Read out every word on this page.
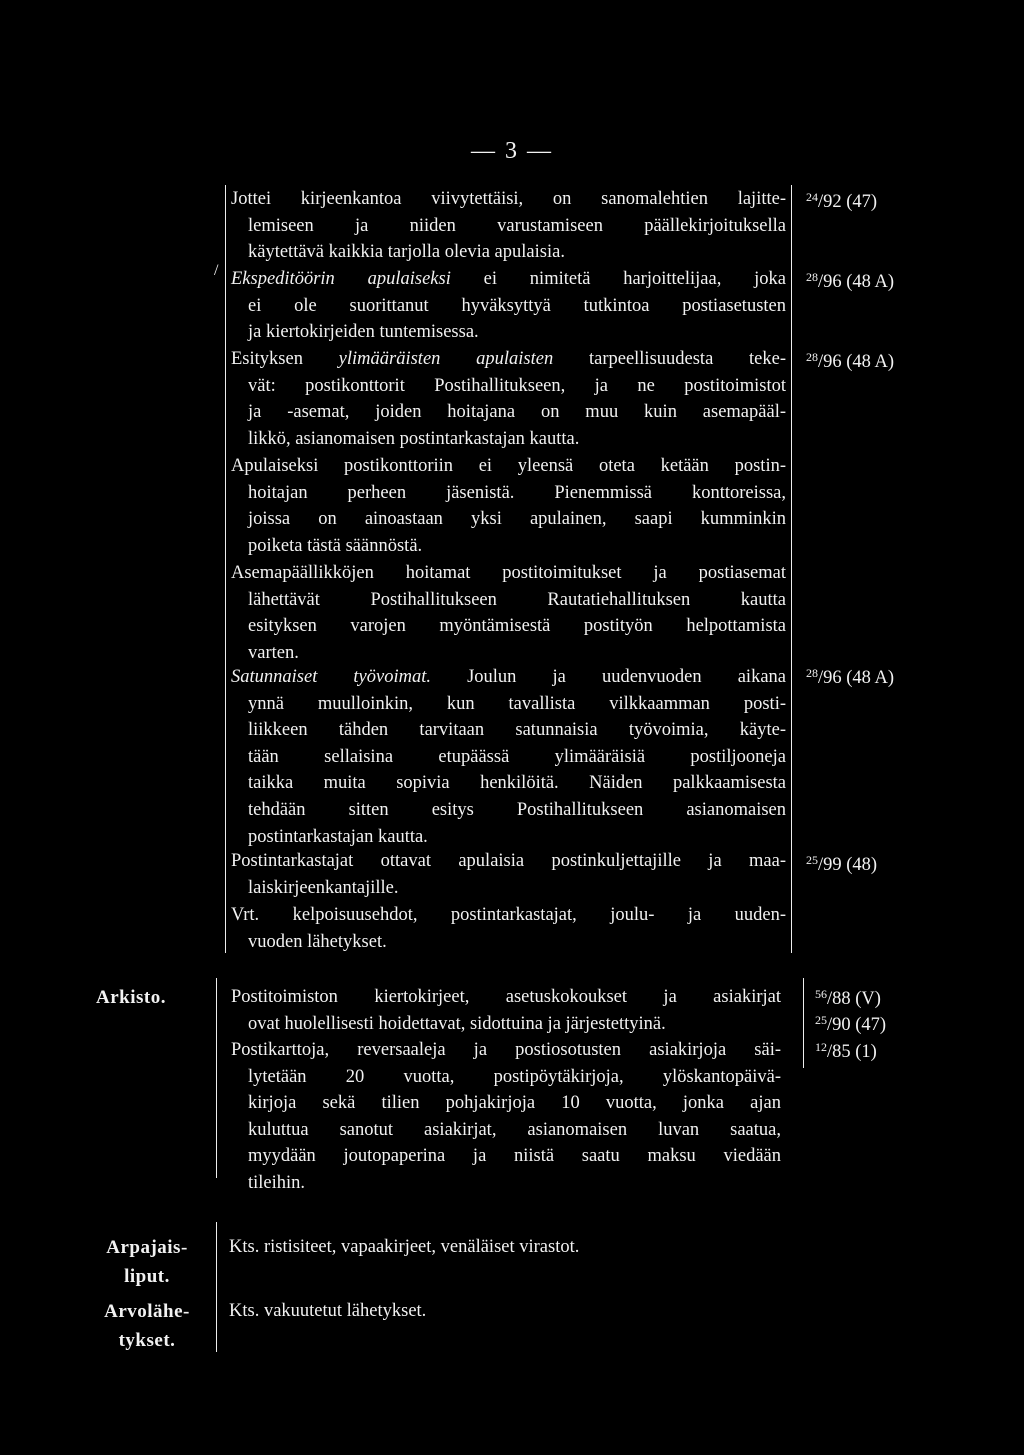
— 3 —
/
Jottei kirjeenkantoa viivytettäisi, on sanomalehtien lajitte-
lemiseen ja niiden varustamiseen päällekirjoituksella
käytettävä kaikkia tarjolla olevia apulaisia.
Ekspeditöörin apulaiseksi ei nimitetä harjoittelijaa, joka
ei ole suorittanut hyväksyttyä tutkintoa postiasetusten
ja kiertokirjeiden tuntemisessa.
Esityksen ylimääräisten apulaisten tarpeellisuudesta teke-
vät: postikonttorit Postihallitukseen, ja ne postitoimistot
ja -asemat, joiden hoitajana on muu kuin asemapääl-
likkö, asianomaisen postintarkastajan kautta.
Apulaiseksi postikonttoriin ei yleensä oteta ketään postin-
hoitajan perheen jäsenistä. Pienemmissä konttoreissa,
joissa on ainoastaan yksi apulainen, saapi kumminkin
poiketa tästä säännöstä.
Asemapäällikköjen hoitamat postitoimitukset ja postiasemat
lähettävät Postihallitukseen Rautatiehallituksen kautta
esityksen varojen myöntämisestä postityön helpottamista
varten.
Satunnaiset työvoimat. Joulun ja uudenvuoden aikana
ynnä muulloinkin, kun tavallista vilkkaamman posti-
liikkeen tähden tarvitaan satunnaisia työvoimia, käyte-
tään sellaisina etupäässä ylimääräisiä postiljooneja
taikka muita sopivia henkilöitä. Näiden palkkaamisesta
tehdään sitten esitys Postihallitukseen asianomaisen
postintarkastajan kautta.
Postintarkastajat ottavat apulaisia postinkuljettajille ja maa-
laiskirjeenkantajille.
Vrt. kelpoisuusehdot, postintarkastajat, joulu- ja uuden-
vuoden lähetykset.
Arkisto.	Postitoimiston kiertokirjeet, asetuskokoukset ja asiakirjat
ovat huolellisesti hoidettavat, sidottuina ja järjestettyinä.
Postikarttoja, reversaaleja ja postiosotusten asiakirjoja säi-
lytetään 20 vuotta, postipöytäkirjoja, ylöskantopäivä-
kirjoja sekä tilien pohjakirjoja 10 vuotta, jonka ajan
kuluttua sanotut asiakirjat, asianomaisen luvan saatua,
myydään joutopaperina ja niistä saatu maksu viedään
tileihin.
Arpajais-
liput.
Kts. ristisiteet, vapaakirjeet, venäläiset virastot.
Arvolähe-
tykset.
Kts. vakuutetut lähetykset.
$^{24}$/92 (47)
$^{28}$/96 (48 A)
$^{28}$/96 (48 A)
$^{28}$/96 (48 A)
$^{25}$/99 (48)
$^{56}$/88 (V)
$^{25}$/90 (47)
$^{12}$/85 (1)
